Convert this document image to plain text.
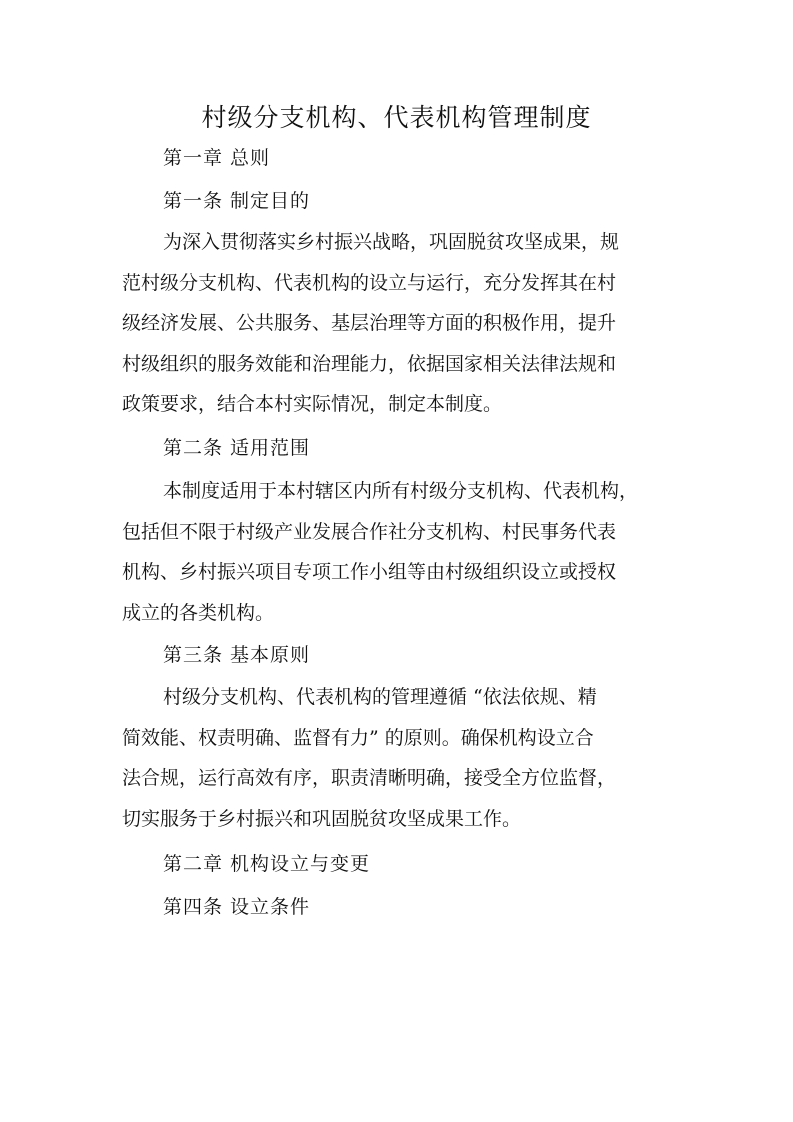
村级分支机构、代表机构管理制度
第一章 总则
第一条 制定目的
为深入贯彻落实乡村振兴战略，巩固脱贫攻坚成果，规
范村级分支机构、代表机构的设立与运行，充分发挥其在村
级经济发展、公共服务、基层治理等方面的积极作用，提升
村级组织的服务效能和治理能力，依据国家相关法律法规和
政策要求，结合本村实际情况，制定本制度。
第二条 适用范围
本制度适用于本村辖区内所有村级分支机构、代表机构，
包括但不限于村级产业发展合作社分支机构、村民事务代表
机构、乡村振兴项目专项工作小组等由村级组织设立或授权
成立的各类机构。
第三条 基本原则
村级分支机构、代表机构的管理遵循 “依法依规、精
简效能、权责明确、监督有力” 的原则。确保机构设立合
法合规，运行高效有序，职责清晰明确，接受全方位监督，
切实服务于乡村振兴和巩固脱贫攻坚成果工作。
第二章 机构设立与变更
第四条 设立条件
